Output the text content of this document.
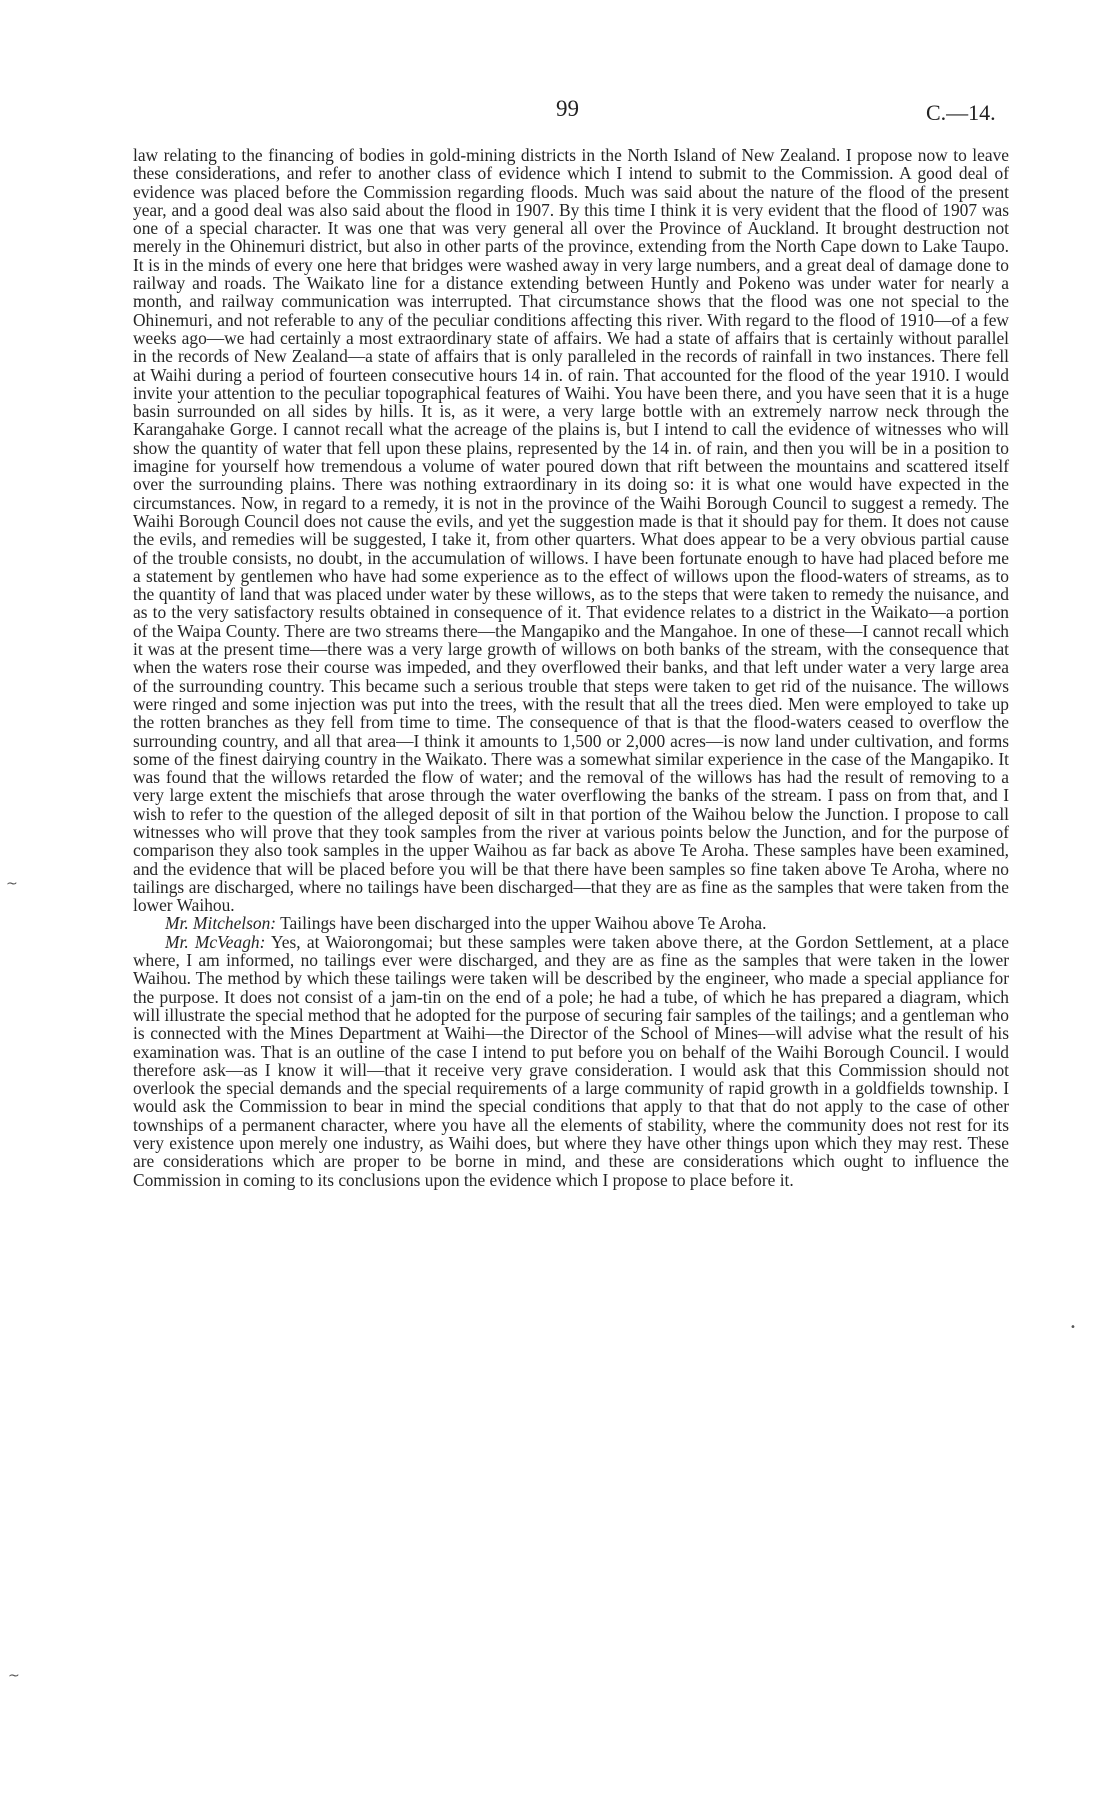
99	C.—14.

law relating to the financing of bodies in gold-mining districts in the North Island of New Zealand. I propose now to leave these considerations, and refer to another class of evidence which I intend to submit to the Commission. A good deal of evidence was placed before the Commission regarding floods. Much was said about the nature of the flood of the present year, and a good deal was also said about the flood in 1907. By this time I think it is very evident that the flood of 1907 was one of a special character. It was one that was very general all over the Province of Auckland. It brought destruction not merely in the Ohinemuri district, but also in other parts of the province, extending from the North Cape down to Lake Taupo. It is in the minds of every one here that bridges were washed away in very large numbers, and a great deal of damage done to railway and roads. The Waikato line for a distance extending between Huntly and Pokeno was under water for nearly a month, and railway communication was interrupted. That circumstance shows that the flood was one not special to the Ohinemuri, and not referable to any of the peculiar conditions affecting this river. With regard to the flood of 1910—of a few weeks ago—we had certainly a most extraordinary state of affairs. We had a state of affairs that is certainly without parallel in the records of New Zealand—a state of affairs that is only paralleled in the records of rainfall in two instances. There fell at Waihi during a period of fourteen consecutive hours 14 in. of rain. That accounted for the flood of the year 1910. I would invite your attention to the peculiar topographical features of Waihi. You have been there, and you have seen that it is a huge basin surrounded on all sides by hills. It is, as it were, a very large bottle with an extremely narrow neck through the Karangahake Gorge. I cannot recall what the acreage of the plains is, but I intend to call the evidence of witnesses who will show the quantity of water that fell upon these plains, represented by the 14 in. of rain, and then you will be in a position to imagine for yourself how tremendous a volume of water poured down that rift between the mountains and scattered itself over the surrounding plains. There was nothing extraordinary in its doing so: it is what one would have expected in the circumstances. Now, in regard to a remedy, it is not in the province of the Waihi Borough Council to suggest a remedy. The Waihi Borough Council does not cause the evils, and yet the suggestion made is that it should pay for them. It does not cause the evils, and remedies will be suggested, I take it, from other quarters. What does appear to be a very obvious partial cause of the trouble consists, no doubt, in the accumulation of willows. I have been fortunate enough to have had placed before me a statement by gentlemen who have had some experience as to the effect of willows upon the flood-waters of streams, as to the quantity of land that was placed under water by these willows, as to the steps that were taken to remedy the nuisance, and as to the very satisfactory results obtained in consequence of it. That evidence relates to a district in the Waikato—a portion of the Waipa County. There are two streams there—the Mangapiko and the Mangahoe. In one of these—I cannot recall which it was at the present time—there was a very large growth of willows on both banks of the stream, with the consequence that when the waters rose their course was impeded, and they overflowed their banks, and that left under water a very large area of the surrounding country. This became such a serious trouble that steps were taken to get rid of the nuisance. The willows were ringed and some injection was put into the trees, with the result that all the trees died. Men were employed to take up the rotten branches as they fell from time to time. The consequence of that is that the flood-waters ceased to overflow the surrounding country, and all that area—I think it amounts to 1,500 or 2,000 acres—is now land under cultivation, and forms some of the finest dairying country in the Waikato. There was a somewhat similar experience in the case of the Mangapiko. It was found that the willows retarded the flow of water; and the removal of the willows has had the result of removing to a very large extent the mischiefs that arose through the water overflowing the banks of the stream. I pass on from that, and I wish to refer to the question of the alleged deposit of silt in that portion of the Waihou below the Junction. I propose to call witnesses who will prove that they took samples from the river at various points below the Junction, and for the purpose of comparison they also took samples in the upper Waihou as far back as above Te Aroha. These samples have been examined, and the evidence that will be placed before you will be that there have been samples so fine taken above Te Aroha, where no tailings are discharged, where no tailings have been discharged—that they are as fine as the samples that were taken from the lower Waihou.

Mr. Mitchelson: Tailings have been discharged into the upper Waihou above Te Aroha.

Mr. McVeagh: Yes, at Waiorongomai; but these samples were taken above there, at the Gordon Settlement, at a place where, I am informed, no tailings ever were discharged, and they are as fine as the samples that were taken in the lower Waihou. The method by which these tailings were taken will be described by the engineer, who made a special appliance for the purpose. It does not consist of a jam-tin on the end of a pole; he had a tube, of which he has prepared a diagram, which will illustrate the special method that he adopted for the purpose of securing fair samples of the tailings; and a gentleman who is connected with the Mines Department at Waihi—the Director of the School of Mines—will advise what the result of his examination was. That is an outline of the case I intend to put before you on behalf of the Waihi Borough Council. I would therefore ask—as I know it will—that it receive very grave consideration. I would ask that this Commission should not overlook the special demands and the special requirements of a large community of rapid growth in a goldfields township. I would ask the Commission to bear in mind the special conditions that apply to that that do not apply to the case of other townships of a permanent character, where you have all the elements of stability, where the community does not rest for its very existence upon merely one industry, as Waihi does, but where they have other things upon which they may rest. These are considerations which are proper to be borne in mind, and these are considerations which ought to influence the Commission in coming to its conclusions upon the evidence which I propose to place before it.

~
•
~
